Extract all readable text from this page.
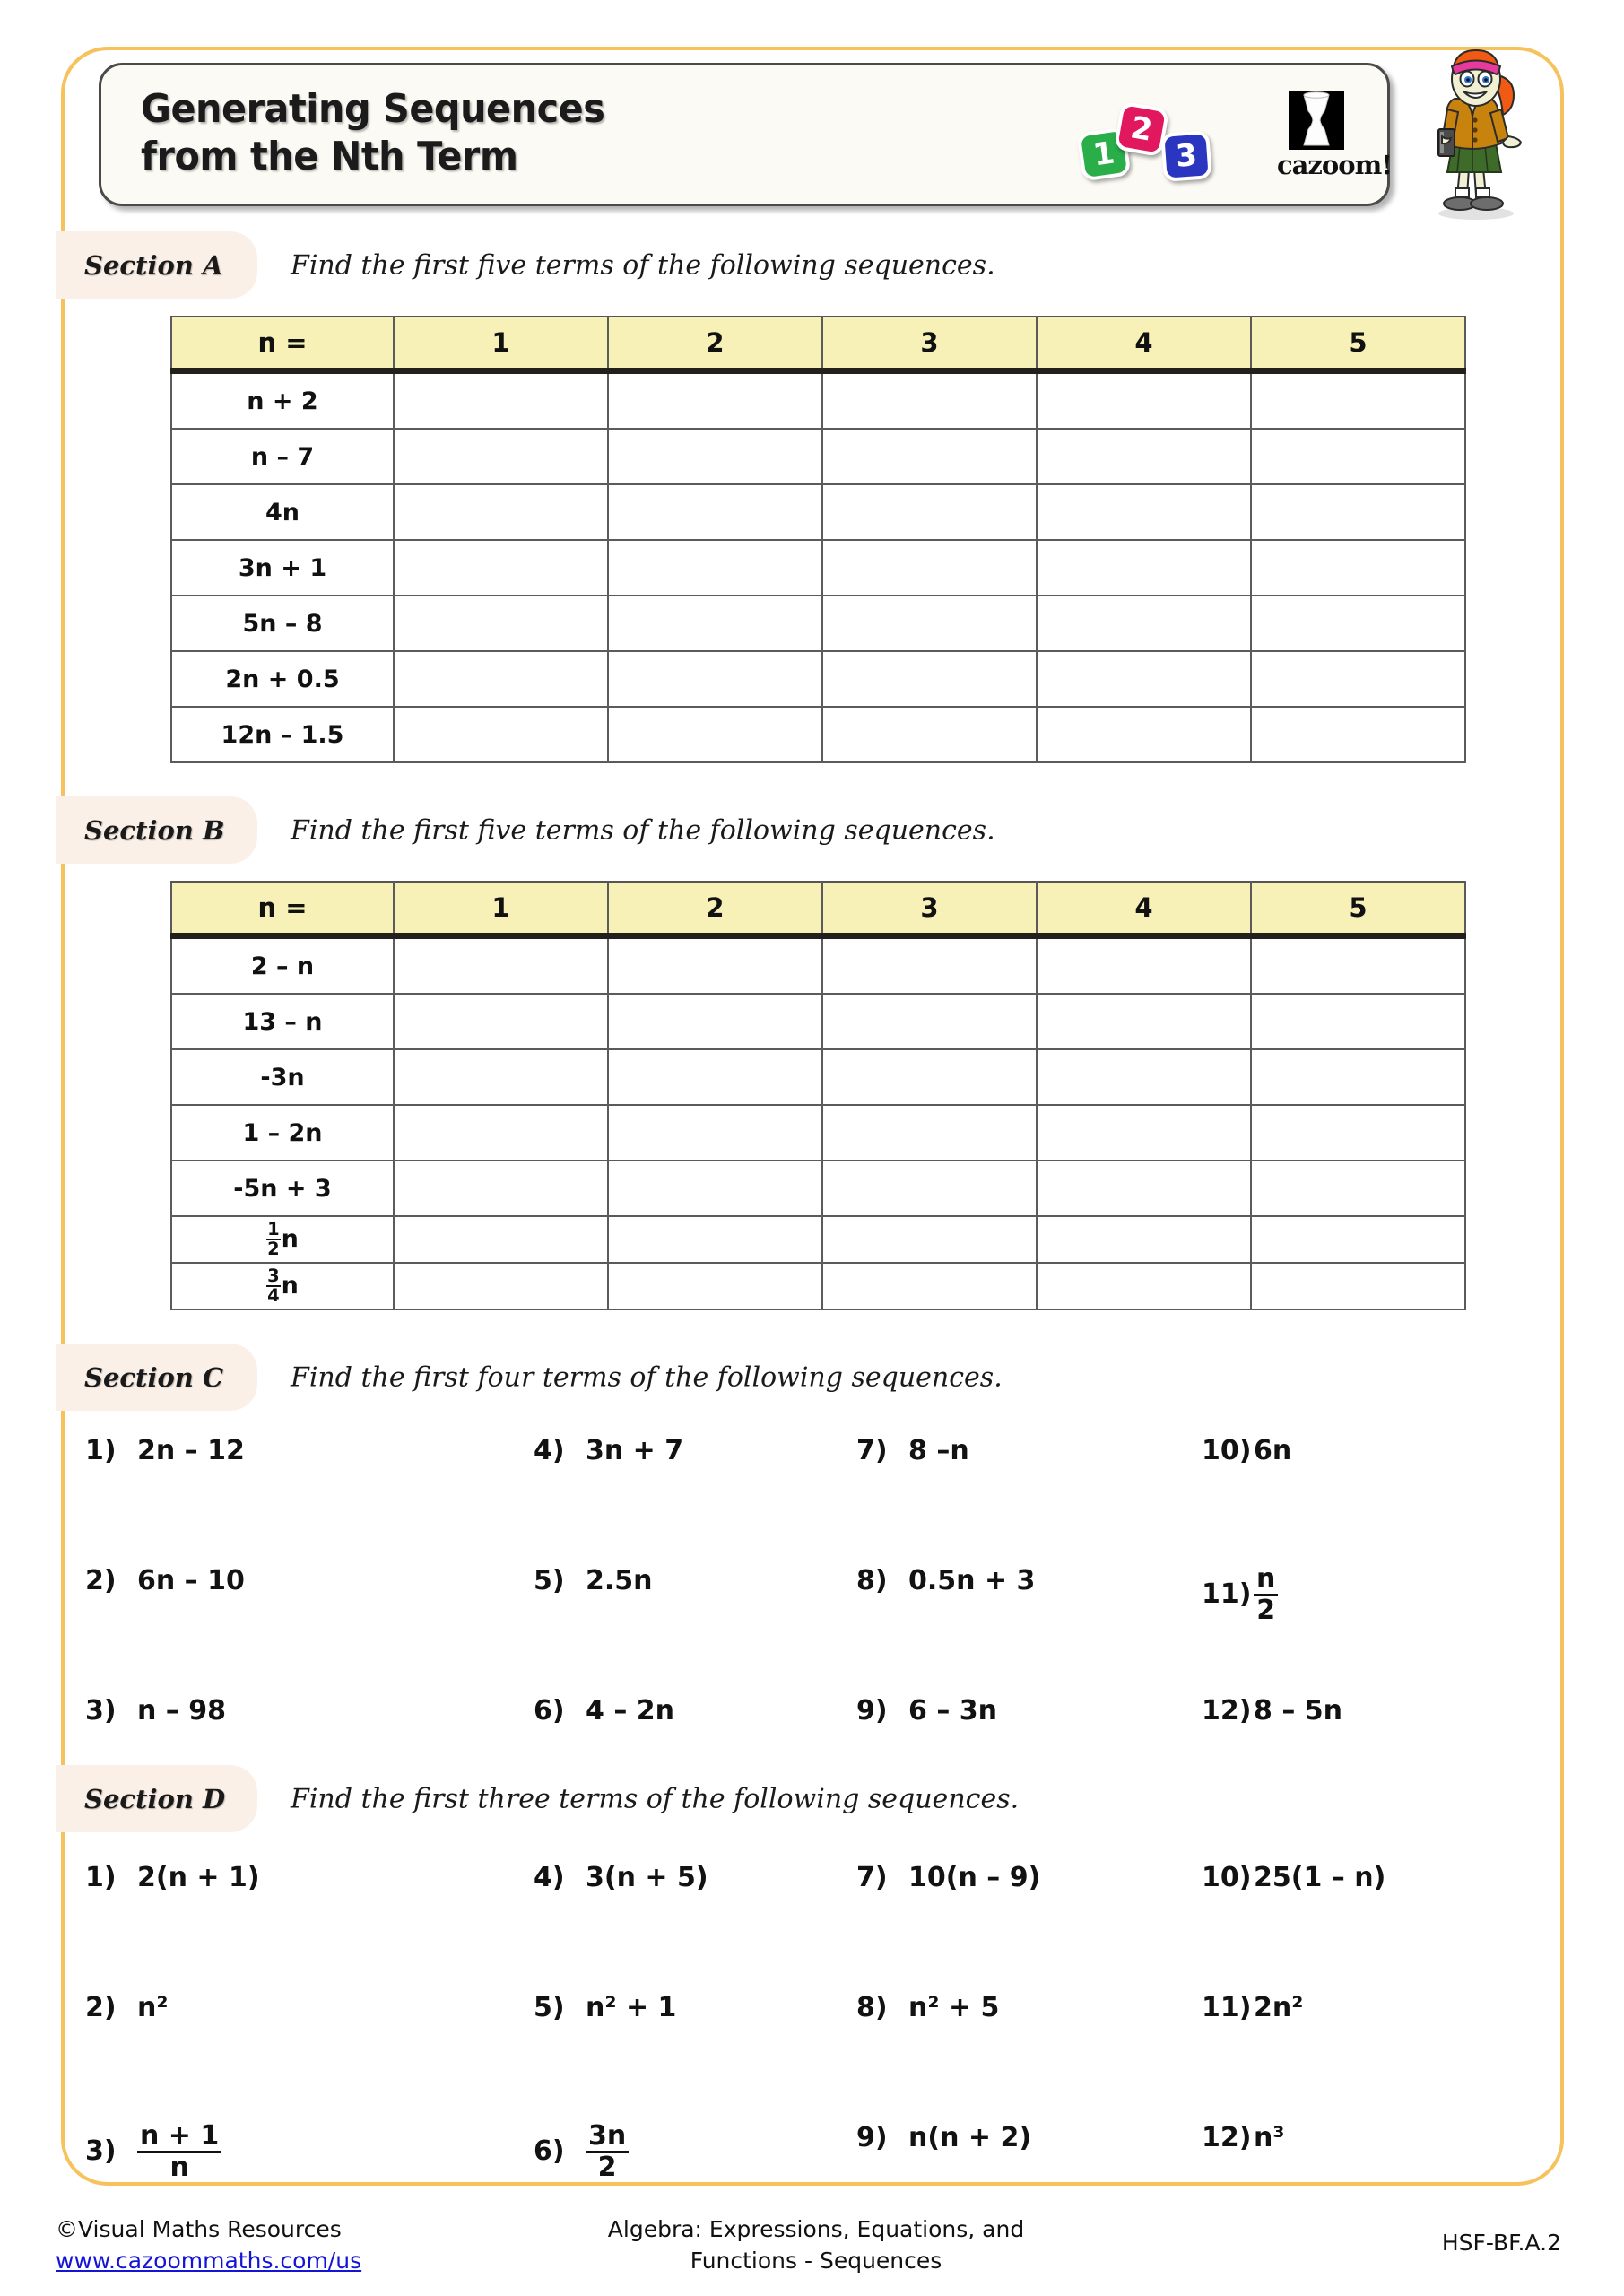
Generating Sequences
from the Nth Term	1
2
3	cazoom!
Section A	Find the first five terms of the following sequences.
n =	1	2	3	4	5
n + 2					
n – 7					
4n					
3n + 1					
5n – 8					
2n + 0.5					
12n – 1.5					
Section B Find the first five terms of the following sequences.
n =	1	2	3	4	5
2 – n					
13 – n					
-3n					
1 – 2n					
-5n + 3					

$\frac{1}{2}$ n					

$\frac{3}{4}$ n					
Section C Find the first four terms of the following sequences.
1) 2n – 12
2) 6n – 10
3) n – 98
4) 3n + 7
5) 2.5n
6) 4 – 2n
7) 8 –n
8) 0.5n + 3
9) 6 – 3n
10)6n
$11) \frac{n}{2}$
12)8 – 5n
Section D Find the first three terms of the following sequences.
1) 2(n + 1)
2) n²
$3) \frac{n + 1}{n}$
4) 3(n + 5)
5) n² + 1
$6) \frac{3n}{2}$
7) 10(n – 9)
8) n² + 5
9) n(n + 2)
10)25(1 – n)
11)2n²
12)n³
©Visual Maths Resources
www.cazoommaths.com/us
Algebra: Expressions, Equations, and
Functions - Sequences
HSF-BF.A.2
